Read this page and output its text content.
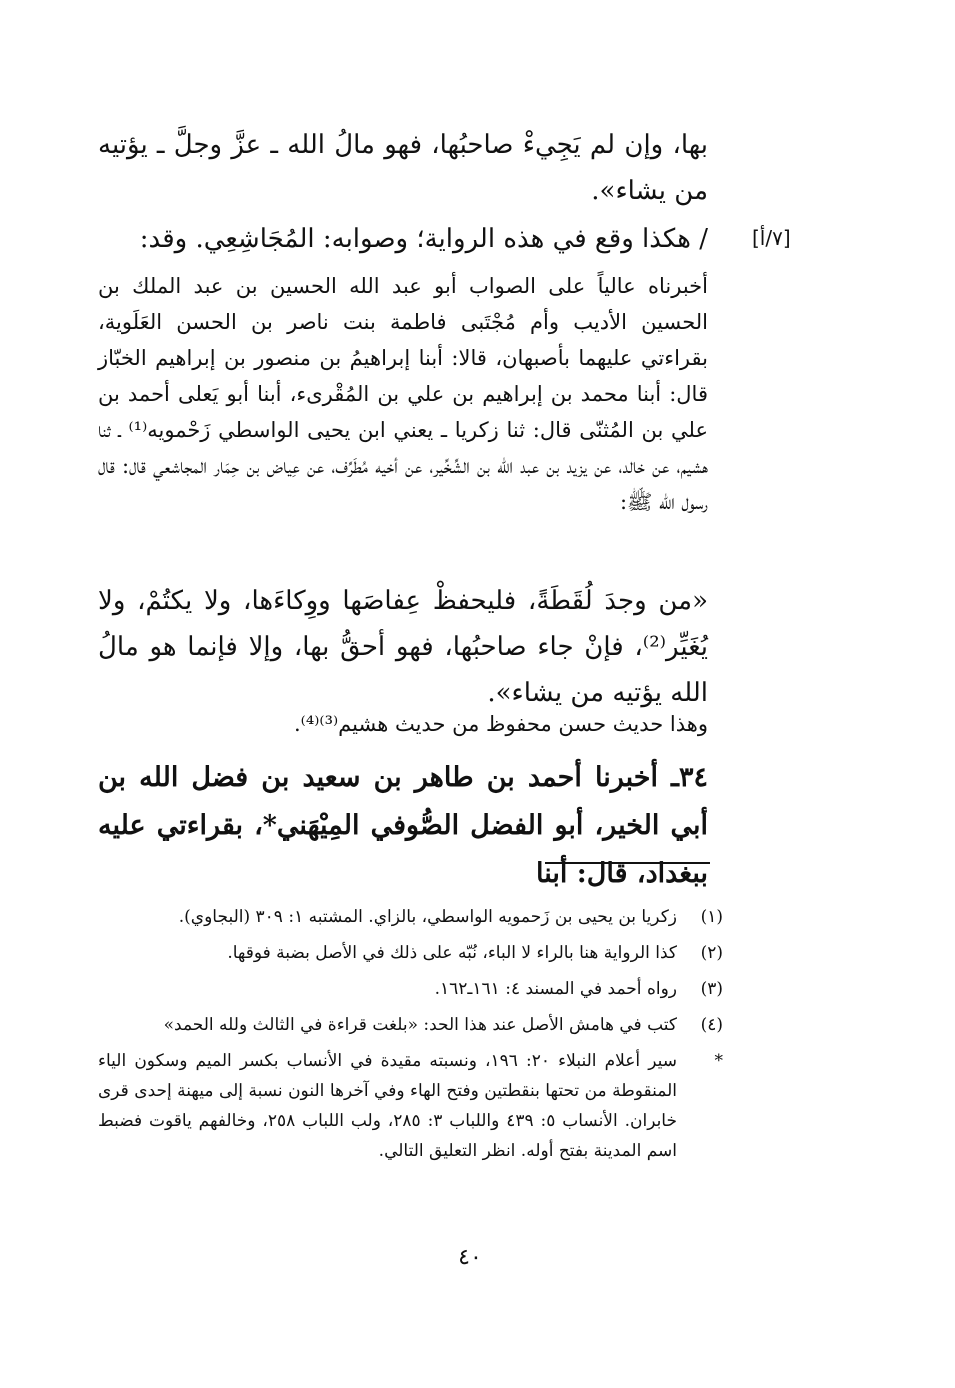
بها، وإن لم يَجِيءْ صاحبُها، فهو مالُ الله ـ عزَّ وجلَّ ـ يؤتيه من يشاء».

[٧/أ]

/ هكذا وقع في هذه الرواية؛ وصوابه: المُجَاشِعِي. وقد:

أخبرناه عالياً على الصواب أبو عبد الله الحسين بن عبد الملك بن الحسين الأديب وأم مُجْتَبى فاطمة بنت ناصر بن الحسن العَلَوية، بقراءتي عليهما بأصبهان، قالا: أبنا إبراهيمُ بن منصور بن إبراهيم الخبّاز قال: أبنا محمد بن إبراهيم بن علي بن المُقْرىء، أبنا أبو يَعلى أحمد بن علي بن المُثنّى قال: ثنا زكريا ـ يعني ابن يحيى الواسطي زَحْمويه⁽¹⁾ ـ ثنا هشيم، عن خالد، عن يزيد بن عبد الله بن الشِّخِّير، عن أخيه مُطَرِّف، عن عِياض بن حِمَار المجاشعي قال: قال رسول الله ﷺ:

«من وجدَ لُقَطَةً، فليحفظْ عِفاصَها ووِكاءَها، ولا يكتُمْ، ولا يُغَيِّر⁽²⁾، فإنْ جاء صاحبُها، فهو أحقُّ بها، وإلا فإنما هو مالُ الله يؤتيه من يشاء».

وهذا حديث حسن محفوظ من حديث هشيم⁽³⁾⁽⁴⁾.

٣٤ـ أخبرنا أحمد بن طاهر بن سعيد بن فضل الله بن أبي الخير، أبو الفضل الصُّوفي المِيْهَني*، بقراءتي عليه ببغداد، قال: أبنا

(١)
زكريا بن يحيى بن زَحمويه الواسطي، بالزاي. المشتبه ١: ٣٠٩ (البجاوي).
(٢)
كذا الرواية هنا بالراء لا الباء، نُبّه على ذلك في الأصل بضبة فوقها.
(٣)
رواه أحمد في المسند ٤: ١٦١ـ١٦٢.
(٤)
كتب في هامش الأصل عند هذا الحد: «بلغت قراءة في الثالث ولله الحمد»
*
سير أعلام النبلاء ٢٠: ١٩٦، ونسبته مقيدة في الأنساب بكسر الميم وسكون الياء المنقوطة من تحتها بنقطتين وفتح الهاء وفي آخرها النون نسبة إلى ميهنة إحدى قرى خابران. الأنساب ٥: ٤٣٩ واللباب ٣: ٢٨٥، ولب اللباب ٢٥٨، وخالفهم ياقوت فضبط اسم المدينة بفتح أوله. انظر التعليق التالي.
٤٠
